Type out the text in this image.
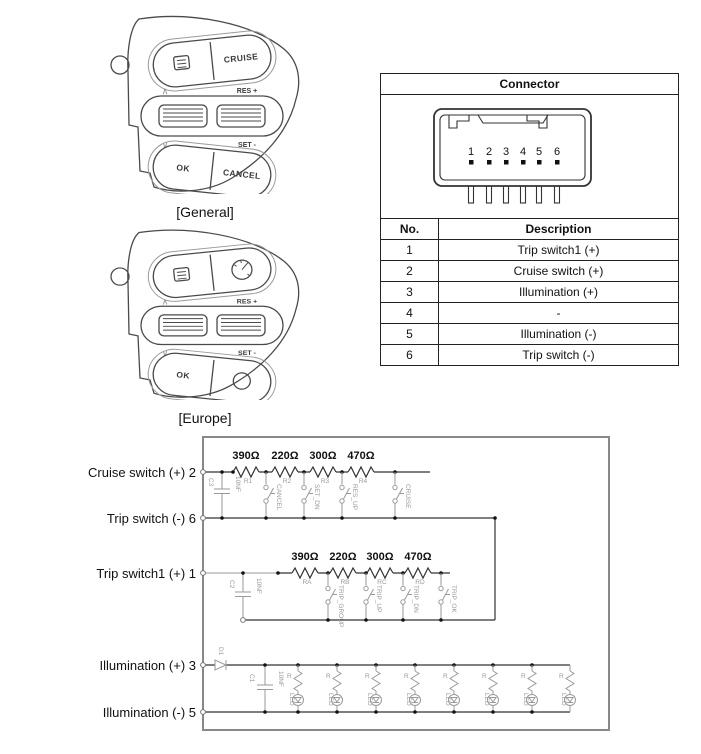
CRUISE
∧	RES +
∨	SET -
OK	CANCEL
[General]
∧	RES +
∨	SET -
OK
[Europe]
Connector	

1 2 3 4 5 6

No.	Description
1	Trip switch1 (+)
2	Cruise switch (+)
3	Illumination (+)
4	-
5	Illumination (-)
6	Trip switch (-)
Cruise switch (+) 2
Trip switch (-) 6
Trip switch1 (+) 1
Illumination (+) 3
Illumination (-) 5
390Ω 220Ω 300Ω 470Ω
R1	R2	R3	R4
C3	10NF
CANCEL	SET_DN	RES_UP	CRUISE
390Ω 220Ω 300Ω 470Ω
RA	RB	RC	RD
C2	10NF	TRIP_GROUP	TRIP_UP	TRIP_DN	TRIP_OK
D1
C1	10NF R
LED
R
LED
R
LED
R
LED
R
LED
R
LED
R
LED
R
LED
